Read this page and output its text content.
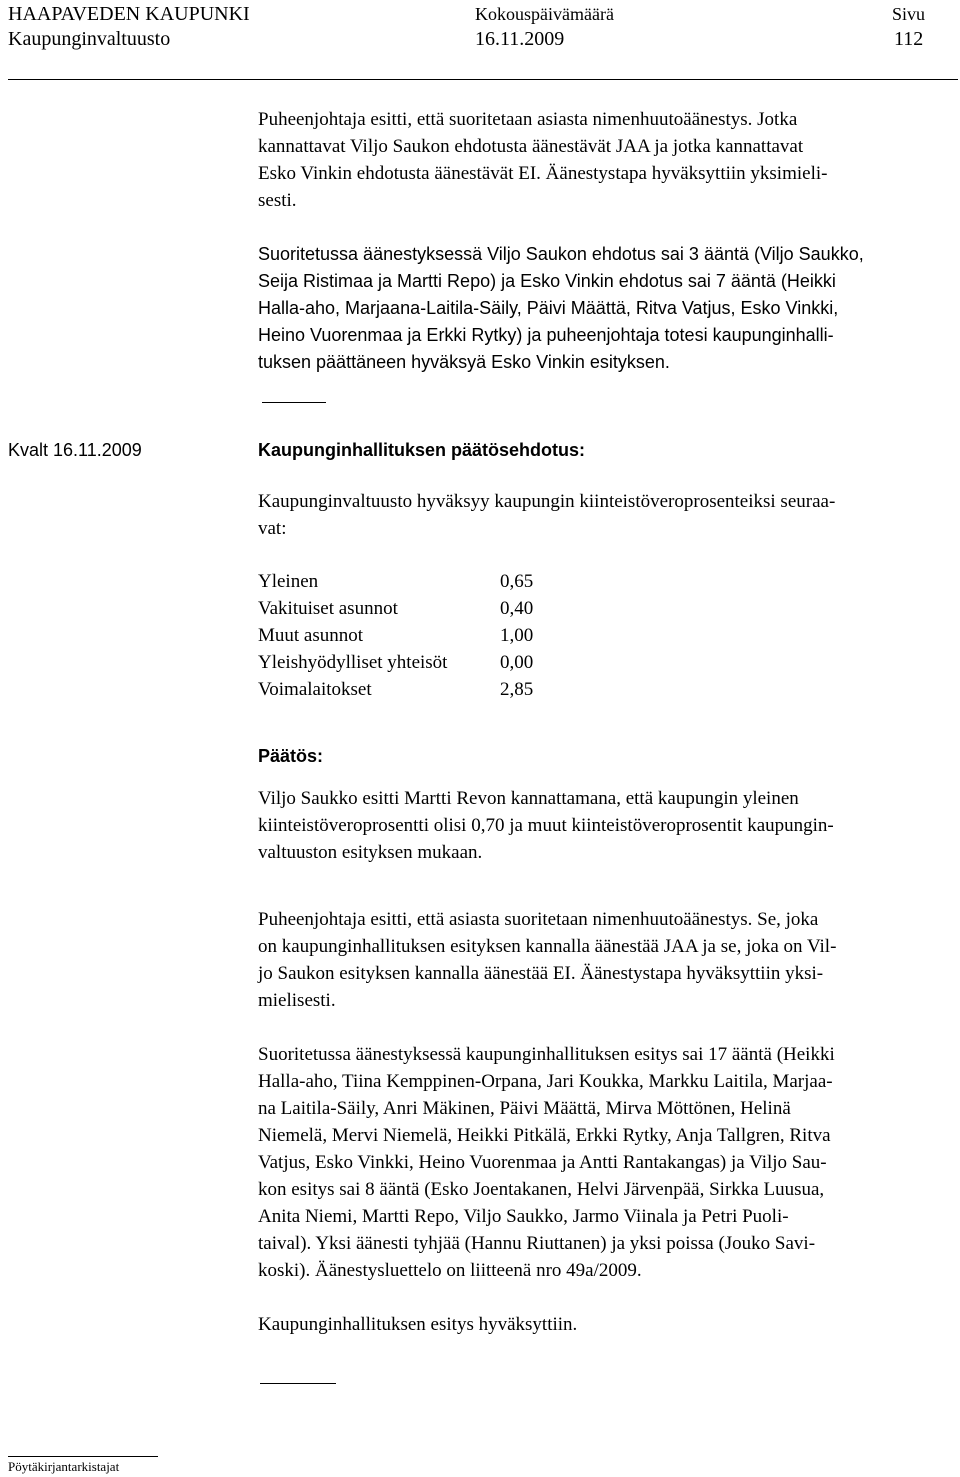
HAAPAVEDEN KAUPUNKI
Kaupunginvaltuusto
Kokouspäivämäärä
16.11.2009
Sivu
112
Puheenjohtaja esitti, että suoritetaan asiasta nimenhuutoäänestys. Jotka
kannattavat Viljo Saukon ehdotusta äänestävät JAA ja jotka kannattavat
Esko Vinkin ehdotusta äänestävät EI. Äänestystapa hyväksyttiin yksimieli-
sesti.
Suoritetussa äänestyksessä Viljo Saukon ehdotus sai 3 ääntä (Viljo Saukko,
Seija Ristimaa ja Martti Repo) ja Esko Vinkin ehdotus sai 7 ääntä (Heikki
Halla-aho, Marjaana-Laitila-Säily, Päivi Määttä, Ritva Vatjus, Esko Vinkki,
Heino Vuorenmaa ja Erkki Rytky) ja puheenjohtaja totesi kaupunginhalli-
tuksen päättäneen hyväksyä Esko Vinkin esityksen.
Kvalt 16.11.2009	Kaupunginhallituksen päätösehdotus:
Kaupunginvaltuusto hyväksyy kaupungin kiinteistöveroprosenteiksi seuraa-
vat:
Yleinen	0,65
Vakituiset asunnot	0,40
Muut asunnot	1,00
Yleishyödylliset yhteisöt	0,00
Voimalaitokset	2,85
Päätös:
Viljo Saukko esitti Martti Revon kannattamana, että kaupungin yleinen
kiinteistöveroprosentti olisi 0,70 ja muut kiinteistöveroprosentit kaupungin-
valtuuston esityksen mukaan.
Puheenjohtaja esitti, että asiasta suoritetaan nimenhuutoäänestys. Se, joka
on kaupunginhallituksen esityksen kannalla äänestää JAA ja se, joka on Vil-
jo Saukon esityksen kannalla äänestää EI. Äänestystapa hyväksyttiin yksi-
mielisesti.
Suoritetussa äänestyksessä kaupunginhallituksen esitys sai 17 ääntä (Heikki
Halla-aho, Tiina Kemppinen-Orpana, Jari Koukka, Markku Laitila, Marjaa-
na Laitila-Säily, Anri Mäkinen, Päivi Määttä, Mirva Möttönen, Helinä
Niemelä, Mervi Niemelä, Heikki Pitkälä, Erkki Rytky, Anja Tallgren, Ritva
Vatjus, Esko Vinkki, Heino Vuorenmaa ja Antti Rantakangas) ja Viljo Sau-
kon esitys sai 8 ääntä (Esko Joentakanen, Helvi Järvenpää, Sirkka Luusua,
Anita Niemi, Martti Repo, Viljo Saukko, Jarmo Viinala ja Petri Puoli-
taival). Yksi äänesti tyhjää (Hannu Riuttanen) ja yksi poissa (Jouko Savi-
koski). Äänestysluettelo on liitteenä nro 49a/2009.
Kaupunginhallituksen esitys hyväksyttiin.
Pöytäkirjantarkistajat
